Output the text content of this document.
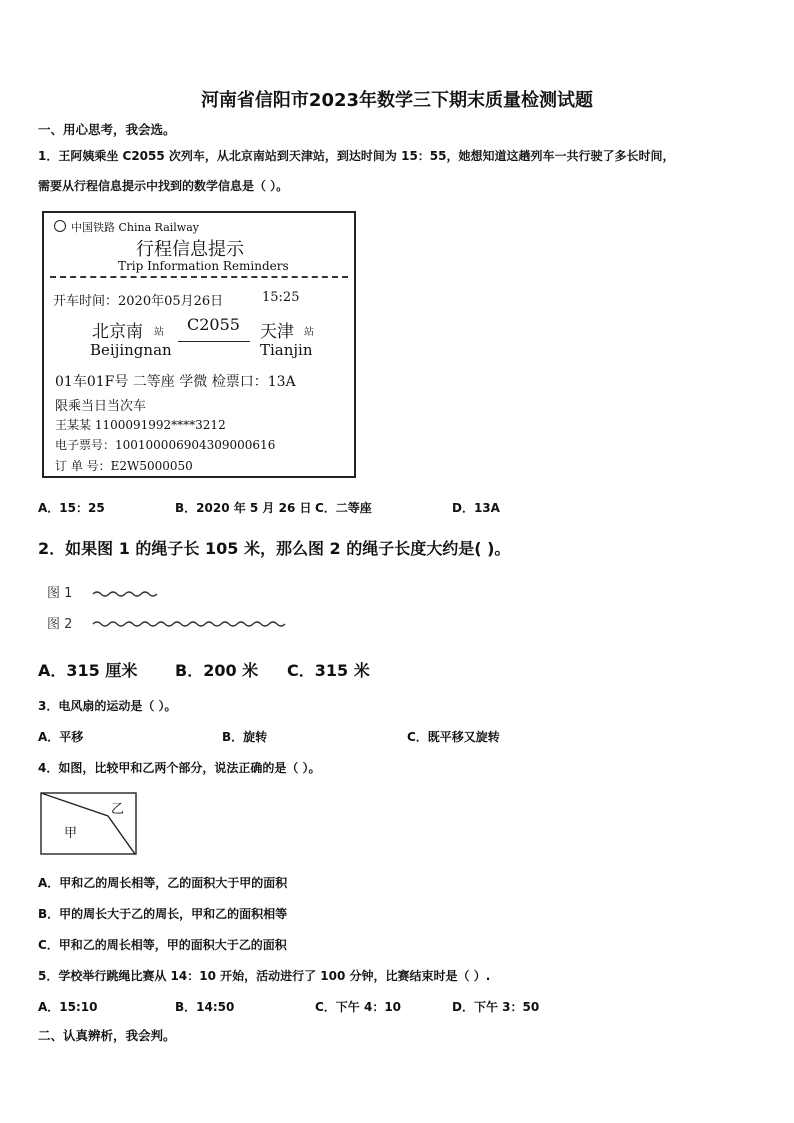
河南省信阳市2023年数学三下期末质量检测试题
一、用心思考，我会选。
1．王阿姨乘坐 C2055 次列车，从北京南站到天津站，到达时间为 15：55，她想知道这趟列车一共行驶了多长时间，
需要从行程信息提示中找到的数学信息是（ ）。
中国铁路 China Railway
行程信息提示
Trip Information Reminders
开车时间：2020年05月26日	15:25
北京南 站 C2055 天津 站
Beijingnan	Tianjin
01车01F号 二等座 学微 检票口：13A
限乘当日当次车
王某某 1100091992****3212
电子票号：10010000690430900061​6
订 单 号：E2W5000050
A．15：25	B．2020 年 5 月 26 日 C．二等座	D．13A
2．如果图 1 的绳子长 105 米，那么图 2 的绳子长度大约是( )。
图 1
图 2
A．315 厘米 B．200 米 C．315 米
3．电风扇的运动是（ ）。
A．平移	B．旋转	C．既平移又旋转
4．如图，比较甲和乙两个部分，说法正确的是（ ）。
甲
乙
A．甲和乙的周长相等，乙的面积大于甲的面积
B．甲的周长大于乙的周长，甲和乙的面积相等
C．甲和乙的周长相等，甲的面积大于乙的面积
5．学校举行跳绳比赛从 14：10 开始，活动进行了 100 分钟，比赛结束时是（ ）.
A．15:10	B．14:50	C．下午 4：10	D．下午 3：50
二、认真辨析，我会判。
